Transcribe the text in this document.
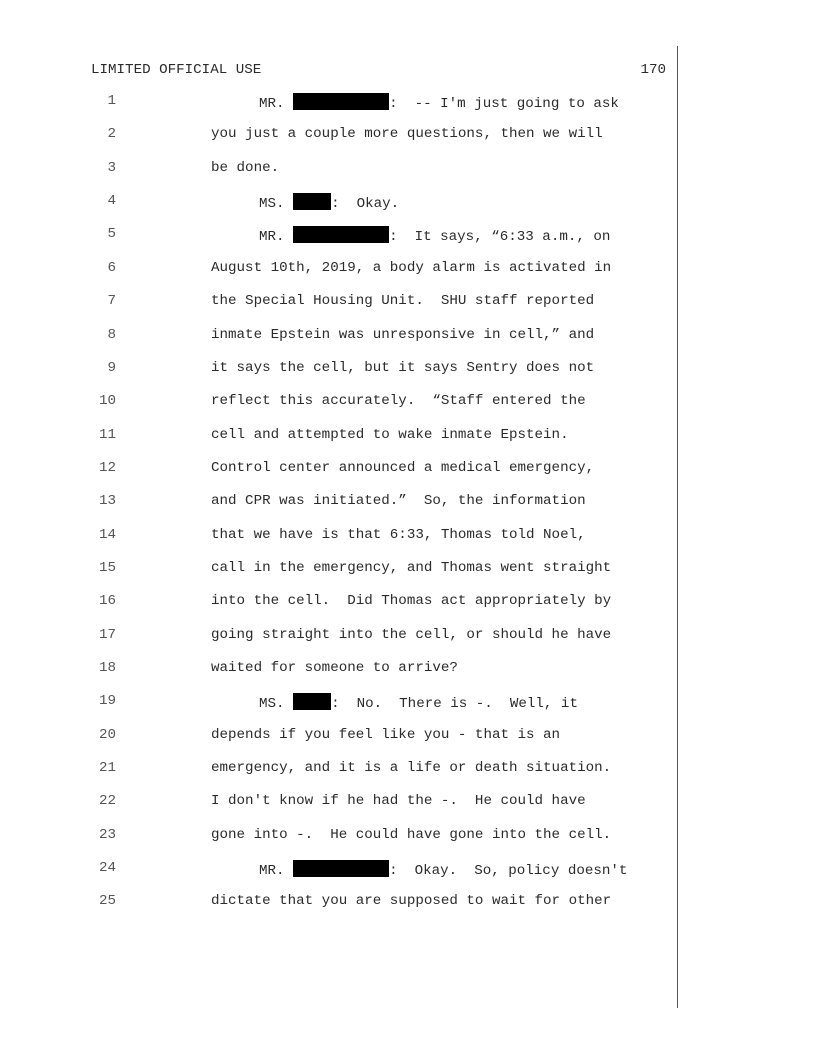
LIMITED OFFICIAL USE	170
1	MR.	:  -- I'm just going to ask
2	you just a couple more questions, then we will
3	be done.
4	MS.	:  Okay.
5	MR.	:  It says, “6:33 a.m., on
6	August 10th, 2019, a body alarm is activated in
7	the Special Housing Unit.  SHU staff reported
8	inmate Epstein was unresponsive in cell,” and
9	it says the cell, but it says Sentry does not
10	reflect this accurately.  “Staff entered the
11	cell and attempted to wake inmate Epstein.
12	Control center announced a medical emergency,
13	and CPR was initiated.”  So, the information
14	that we have is that 6:33, Thomas told Noel,
15	call in the emergency, and Thomas went straight
16	into the cell.  Did Thomas act appropriately by
17	going straight into the cell, or should he have
18	waited for someone to arrive?
19	MS.	:  No.  There is -.  Well, it
20	depends if you feel like you - that is an
21	emergency, and it is a life or death situation.
22	I don't know if he had the -.  He could have
23	gone into -.  He could have gone into the cell.
24	MR.	:  Okay.  So, policy doesn't
25	dictate that you are supposed to wait for other
